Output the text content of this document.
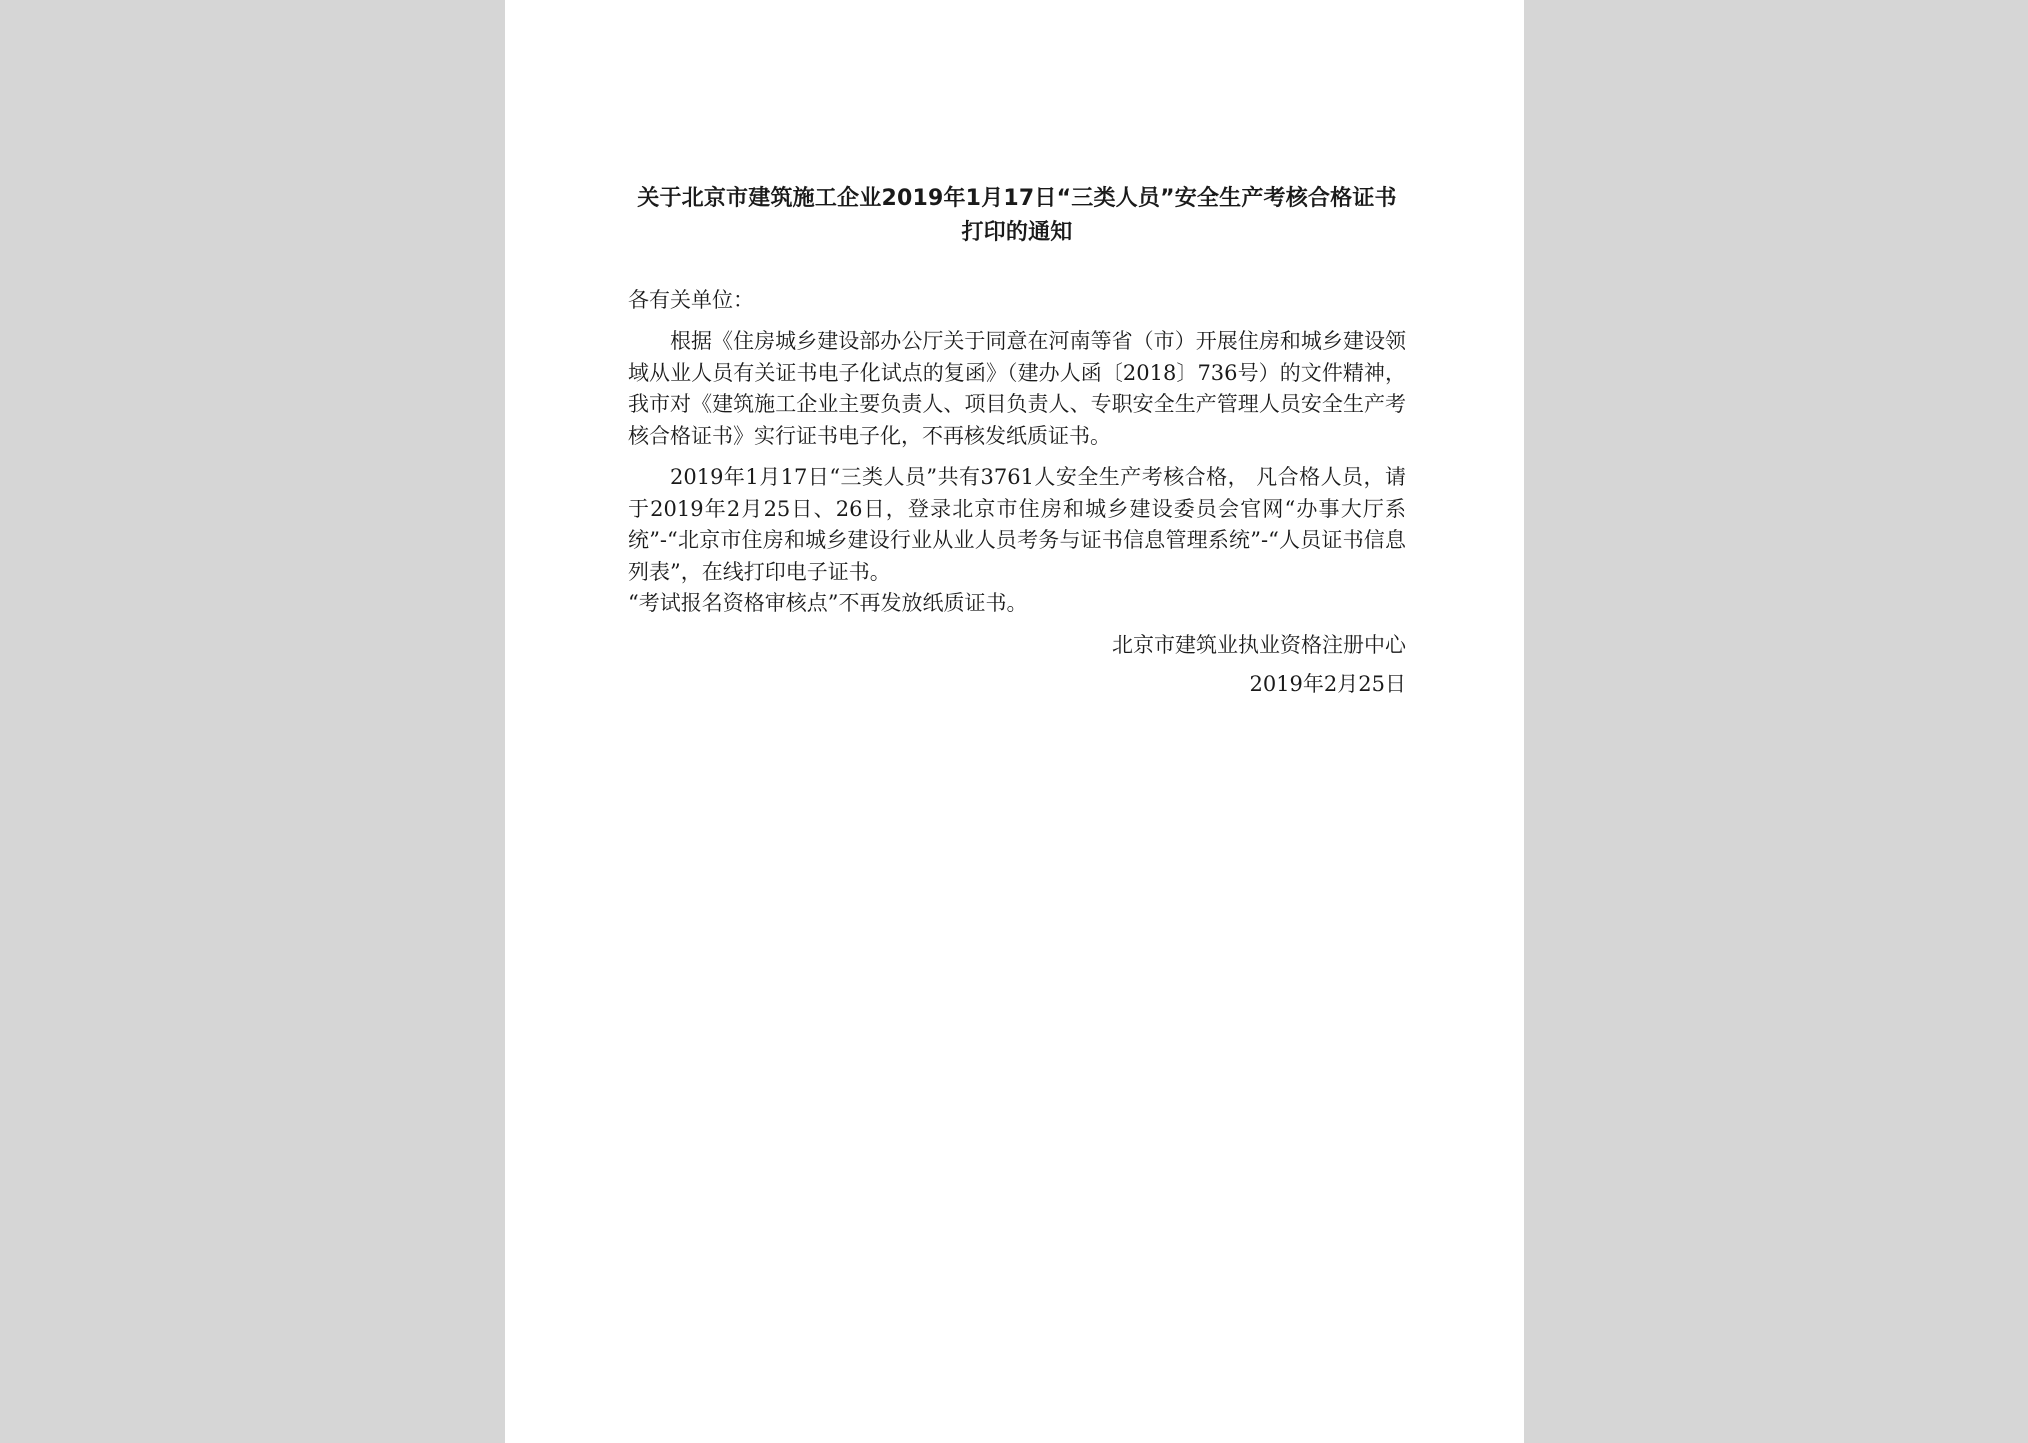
关于北京市建筑施工企业2019年1月17日“三类人员”安全生产考核合格证书打印的通知

各有关单位：

根据《住房城乡建设部办公厅关于同意在河南等省（市）开展住房和城乡建设领域从业人员有关证书电子化试点的复函》（建办人函〔2018〕736号）的文件精神，我市对《建筑施工企业主要负责人、项目负责人、专职安全生产管理人员安全生产考核合格证书》实行证书电子化，不再核发纸质证书。

2019年1月17日“三类人员”共有3761人安全生产考核合格， 凡合格人员，请于2019年2月25日、26日，登录北京市住房和城乡建设委员会官网“办事大厅系统”-“北京市住房和城乡建设行业从业人员考务与证书信息管理系统”-“人员证书信息列表”，在线打印电子证书。

“考试报名资格审核点”不再发放纸质证书。

北京市建筑业执业资格注册中心

2019年2月25日
